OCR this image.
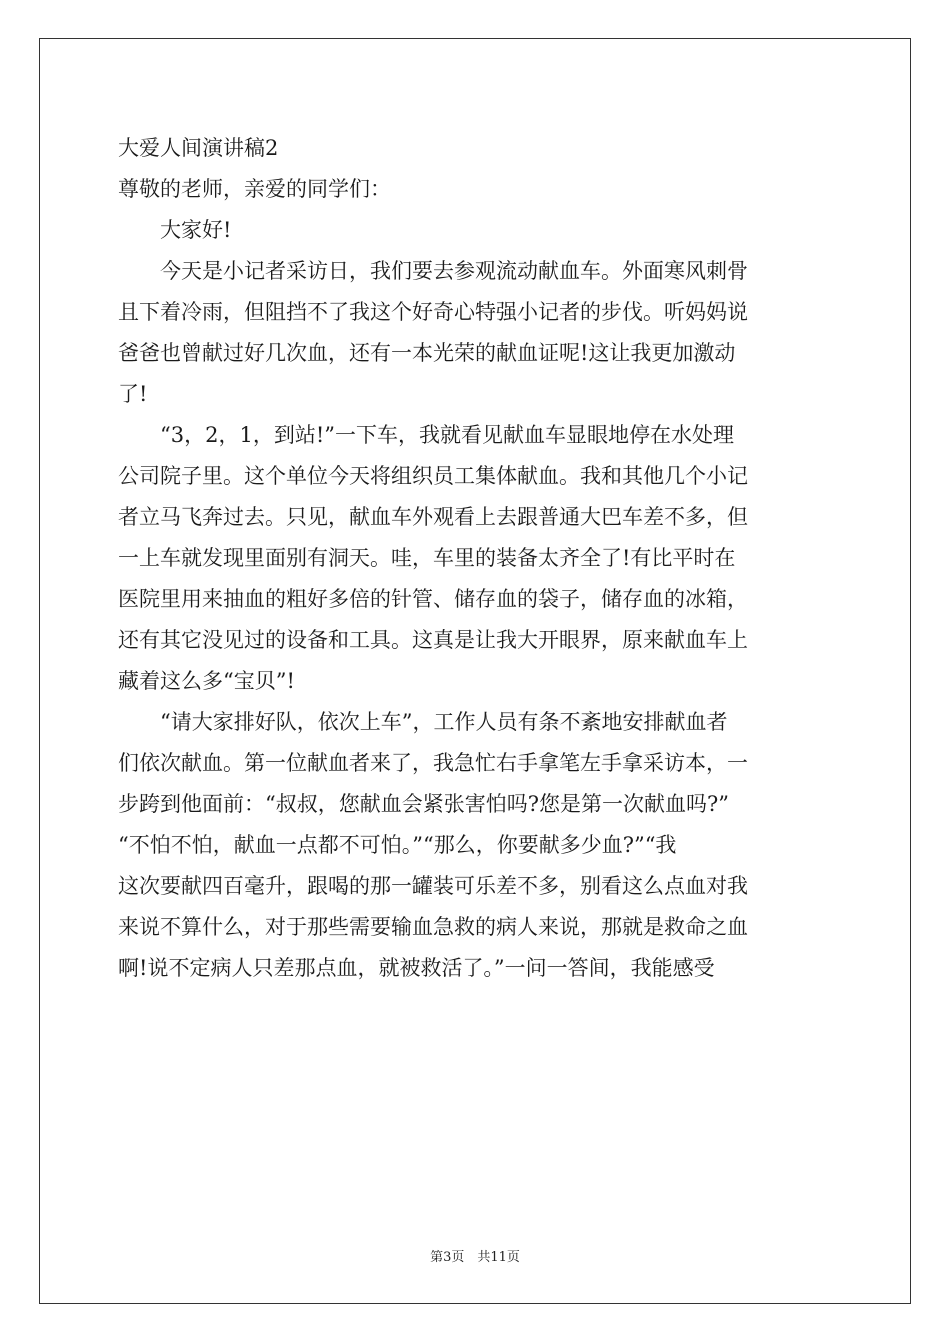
大爱人间演讲稿2
尊敬的老师，亲爱的同学们：
　　大家好!
　　今天是小记者采访日，我们要去参观流动献血车。外面寒风刺骨
且下着冷雨，但阻挡不了我这个好奇心特强小记者的步伐。听妈妈说
爸爸也曾献过好几次血，还有一本光荣的献血证呢!这让我更加激动
了!
　　“3，2，1，到站!”一下车，我就看见献血车显眼地停在水处理
公司院子里。这个单位今天将组织员工集体献血。我和其他几个小记
者立马飞奔过去。只见，献血车外观看上去跟普通大巴车差不多，但
一上车就发现里面别有洞天。哇，车里的装备太齐全了!有比平时在
医院里用来抽血的粗好多倍的针管、储存血的袋子，储存血的冰箱，
还有其它没见过的设备和工具。这真是让我大开眼界，原来献血车上
藏着这么多“宝贝”!
　　“请大家排好队，依次上车”，工作人员有条不紊地安排献血者
们依次献血。第一位献血者来了，我急忙右手拿笔左手拿采访本，一
步跨到他面前：“叔叔，您献血会紧张害怕吗?您是第一次献血吗?”
“不怕不怕，献血一点都不可怕。”“那么，你要献多少血?”“我
这次要献四百毫升，跟喝的那一罐装可乐差不多，别看这么点血对我
来说不算什么，对于那些需要输血急救的病人来说，那就是救命之血
啊!说不定病人只差那点血，就被救活了。”一问一答间，我能感受
第3页　共11页
